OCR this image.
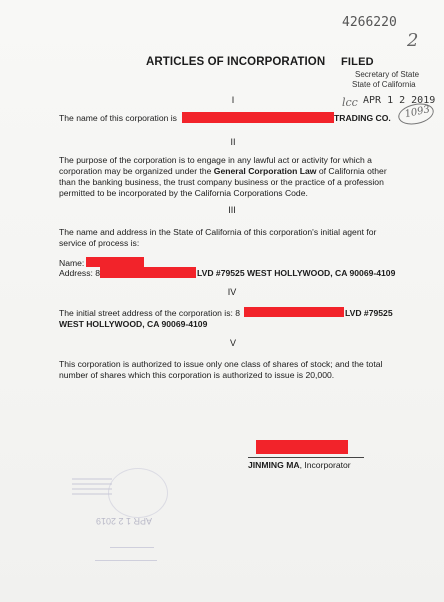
4266220
ARTICLES OF INCORPORATION FILED
2
Secretary of State
State of California
lcc APR 1 2 2019
1093
I
The name of this corporation is	TRADING CO.
II
The purpose of the corporation is to engage in any lawful act or activity for which a
corporation may be organized under the General Corporation Law of California other
than the banking business, the trust company business or the practice of a profession
permitted to be incorporated by the California Corporations Code.
III
The name and address in the State of California of this corporation's initial agent for
service of process is:
Name:
Address: 8	LVD #79525 WEST HOLLYWOOD, CA 90069-4109
IV
The initial street address of the corporation is: 8	LVD #79525
WEST HOLLYWOOD, CA 90069-4109
V
This corporation is authorized to issue only one class of shares of stock; and the total
number of shares which this corporation is authorized to issue is 20,000.
JINMING MA, Incorporator
APR 1 2 2019
